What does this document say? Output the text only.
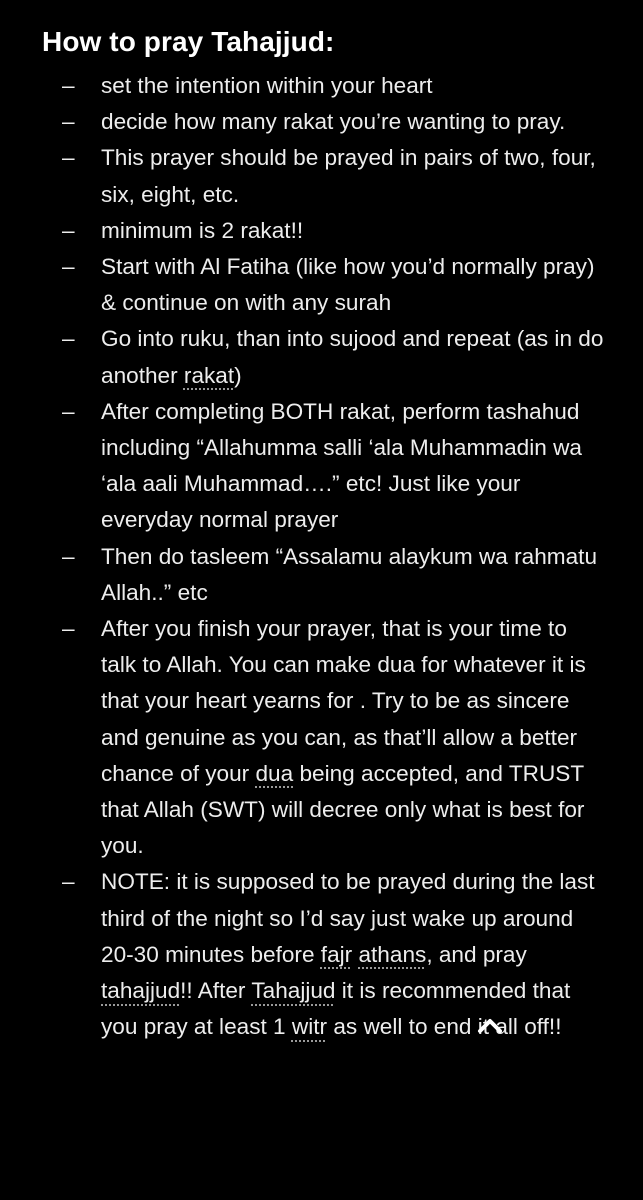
How to pray Tahajjud:
– set the intention within your heart
– decide how many rakat you’re wanting to pray.
– This prayer should be prayed in pairs of two, four, six, eight, etc.
– minimum is 2 rakat!!
– Start with Al Fatiha (like how you’d normally pray) & continue on with any surah
– Go into ruku, than into sujood and repeat (as in do another rakat)
– After completing BOTH rakat, perform tashahud including “Allahumma salli ‘ala Muhammadin wa ‘ala aali Muhammad….” etc! Just like your everyday normal prayer
– Then do tasleem “Assalamu alaykum wa rahmatu Allah..” etc
– After you finish your prayer, that is your time to talk to Allah. You can make dua for whatever it is that your heart yearns for . Try to be as sincere and genuine as you can, as that’ll allow a better chance of your dua being accepted, and TRUST that Allah (SWT) will decree only what is best for you.
– NOTE: it is supposed to be prayed during the last third of the night so I’d say just wake up around 20-30 minutes before fajr athans, and pray tahajjud!! After Tahajjud it is recommended that you pray at least 1 witr as well to end i
t all off!!
